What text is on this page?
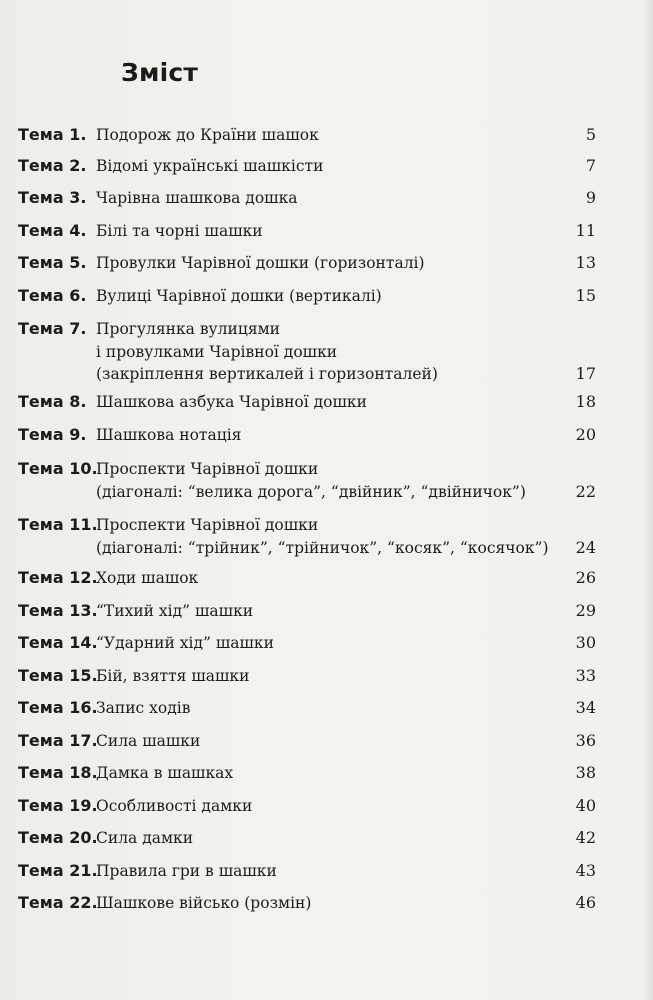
Зміст
Тема 1. Подорож до Країни шашок	5
Тема 2. Відомі українські шашкісти	7
Тема 3. Чарівна шашкова дошка	9
Тема 4. Білі та чорні шашки	11
Тема 5. Провулки Чарівної дошки (горизонталі)	13
Тема 6. Вулиці Чарівної дошки (вертикалі)	15
Тема 7. Прогулянка вулицями
і провулками Чарівної дошки
(закріплення вертикалей і горизонталей)	17
Тема 8. Шашкова азбука Чарівної дошки	18
Тема 9. Шашкова нотація	20
Тема 10.
Проспекти Чарівної дошки
(діагоналі: “велика дорога”, “двійник”, “двійничок”)	22
Тема 11.
Проспекти Чарівної дошки
(діагоналі: “трійник”, “трійничок”, “косяк”, “косячок”)	24
Тема 12.
Ходи шашок	26
Тема 13.
“Тихий хід” шашки	29
Тема 14.
“Ударний хід” шашки	30
Тема 15.
Бій, взяття шашки	33
Тема 16.
Запис ходів	34
Тема 17.
Сила шашки	36
Тема 18.
Дамка в шашках	38
Тема 19.
Особливості дамки	40
Тема 20.
Сила дамки	42
Тема 21.
Правила гри в шашки	43
Тема 22.
Шашкове військо (розмін)	46
